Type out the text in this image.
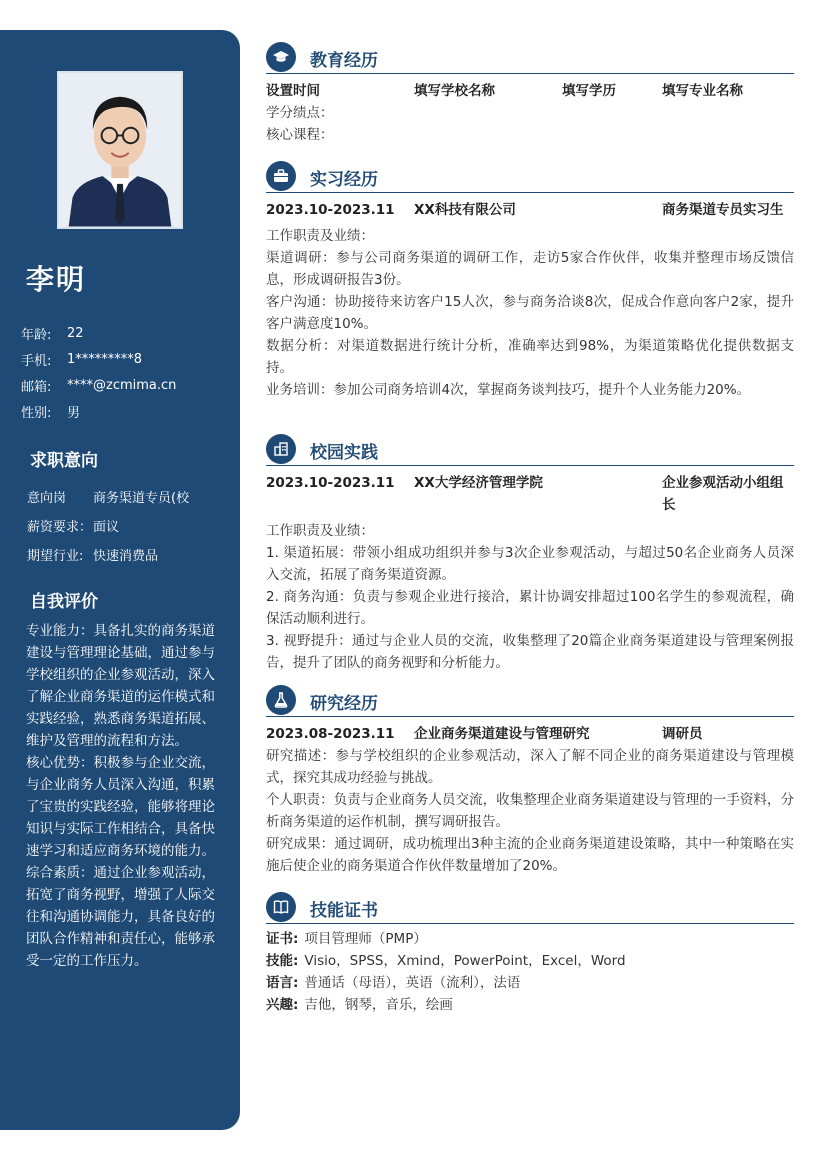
李明
年龄:	22
手机:	1*********8
邮箱:	****@zcmima.cn
性别:	男
求职意向
意向岗	商务渠道专员(校
薪资要求： 面议
期望行业: 快速消费品
自我评价

专业能力：具备扎实的商务渠道建设与管理理论基础，通过参与学校组织的企业参观活动，深入了解企业商务渠道的运作模式和实践经验，熟悉商务渠道拓展、维护及管理的流程和方法。

核心优势：积极参与企业交流，与企业商务人员深入沟通，积累了宝贵的实践经验，能够将理论知识与实际工作相结合，具备快速学习和适应商务环境的能力。

综合素质：通过企业参观活动，拓宽了商务视野，增强了人际交往和沟通协调能力，具备良好的团队合作精神和责任心，能够承受一定的工作压力。

教育经历
设置时间	填写学校名称	填写学历	填写专业名称
学分绩点：
核心课程：
实习经历
2023.10-2023.11	XX科技有限公司	商务渠道专员实习生
工作职责及业绩：
渠道调研：参与公司商务渠道的调研工作，走访5家合作伙伴，收集并整理市场反馈信息，形成调研报告3份。
客户沟通：协助接待来访客户15人次，参与商务洽谈8次，促成合作意向客户2家，提升客户满意度10%。
数据分析：对渠道数据进行统计分析，准确率达到98%，为渠道策略优化提供数据支持。
业务培训：参加公司商务培训4次，掌握商务谈判技巧，提升个人业务能力20%。
校园实践
2023.10-2023.11	XX大学经济管理学院	企业参观活动小组组长
工作职责及业绩：
1. 渠道拓展：带领小组成功组织并参与3次企业参观活动，与超过50名企业商务人员深入交流，拓展了商务渠道资源。
2. 商务沟通：负责与参观企业进行接洽，累计协调安排超过100名学生的参观流程，确保活动顺利进行。
3. 视野提升：通过与企业人员的交流，收集整理了20篇企业商务渠道建设与管理案例报告，提升了团队的商务视野和分析能力。
研究经历
2023.08-2023.11	企业商务渠道建设与管理研究	调研员
研究描述：参与学校组织的企业参观活动，深入了解不同企业的商务渠道建设与管理模式，探究其成功经验与挑战。
个人职责：负责与企业商务人员交流，收集整理企业商务渠道建设与管理的一手资料，分析商务渠道的运作机制，撰写调研报告。
研究成果：通过调研，成功梳理出3种主流的企业商务渠道建设策略，其中一种策略在实施后使企业的商务渠道合作伙伴数量增加了20%。
技能证书
证书: 项目管理师（PMP）
技能: Visio，SPSS，Xmind，PowerPoint，Excel，Word
语言: 普通话（母语），英语（流利），法语
兴趣: 吉他，钢琴，音乐，绘画
